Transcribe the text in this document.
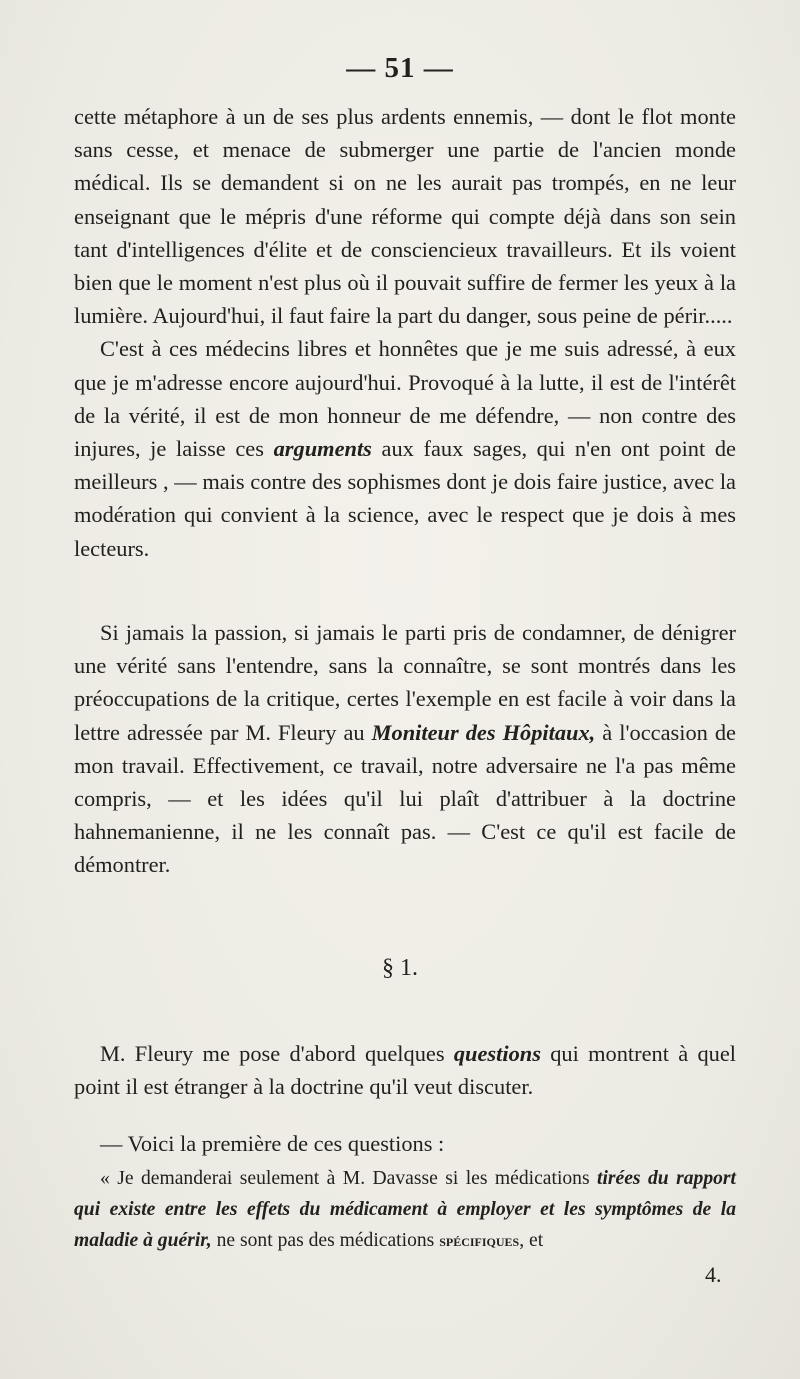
— 51 —

cette métaphore à un de ses plus ardents ennemis, — dont le flot monte sans cesse, et menace de submerger une partie de l'ancien monde médical. Ils se demandent si on ne les aurait pas trompés, en ne leur enseignant que le mépris d'une réforme qui compte déjà dans son sein tant d'intelligences d'élite et de consciencieux travailleurs. Et ils voient bien que le moment n'est plus où il pouvait suffire de fermer les yeux à la lumière. Aujourd'hui, il faut faire la part du danger, sous peine de périr.....

C'est à ces médecins libres et honnêtes que je me suis adressé, à eux que je m'adresse encore aujourd'hui. Provoqué à la lutte, il est de l'intérêt de la vérité, il est de mon honneur de me défendre, — non contre des injures, je laisse ces arguments aux faux sages, qui n'en ont point de meilleurs , — mais contre des sophismes dont je dois faire justice, avec la modération qui convient à la science, avec le respect que je dois à mes lecteurs.

Si jamais la passion, si jamais le parti pris de condamner, de dénigrer une vérité sans l'entendre, sans la connaître, se sont montrés dans les préoccupations de la critique, certes l'exemple en est facile à voir dans la lettre adressée par M. Fleury au Moniteur des Hôpitaux, à l'occasion de mon travail. Effectivement, ce travail, notre adversaire ne l'a pas même compris, — et les idées qu'il lui plaît d'attribuer à la doctrine hahnemanienne, il ne les connaît pas. — C'est ce qu'il est facile de démontrer.

§ 1.

M. Fleury me pose d'abord quelques questions qui montrent à quel point il est étranger à la doctrine qu'il veut discuter.

— Voici la première de ces questions :

« Je demanderai seulement à M. Davasse si les médications tirées du rapport qui existe entre les effets du médicament à employer et les symptômes de la maladie à guérir, ne sont pas des médications spécifiques, et

4.
